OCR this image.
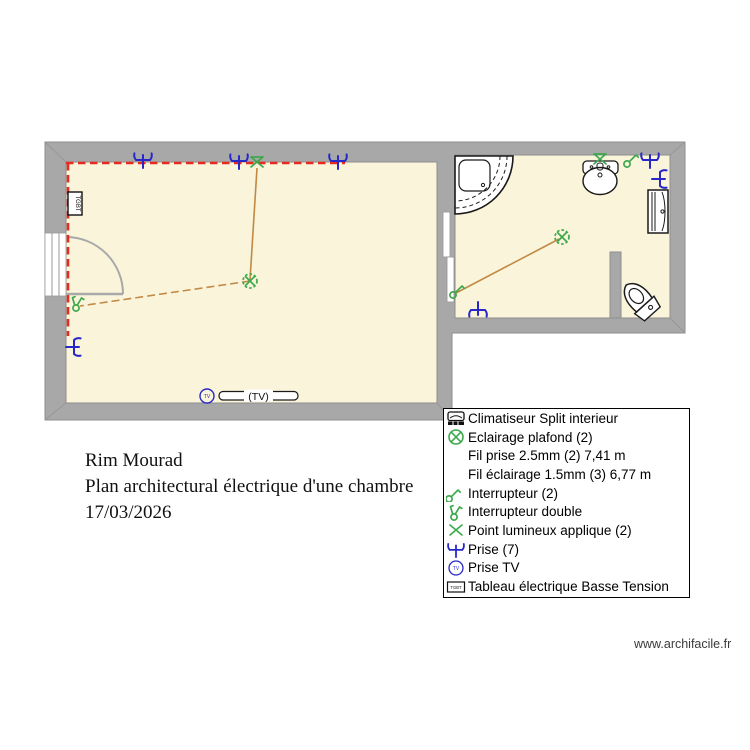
(TV)
TGBT
TV
Rim Mourad
Plan architectural électrique d'une chambre
17/03/2026
Climatiseur Split interieur
Eclairage plafond (2)
Fil prise 2.5mm (2) 7,41 m
Fil éclairage 1.5mm (3) 6,77 m
Interrupteur (2)
Interrupteur double
Point lumineux applique (2)
Prise (7)
TV Prise TV
TGBT Tableau électrique Basse Tension
www.archifacile.fr
